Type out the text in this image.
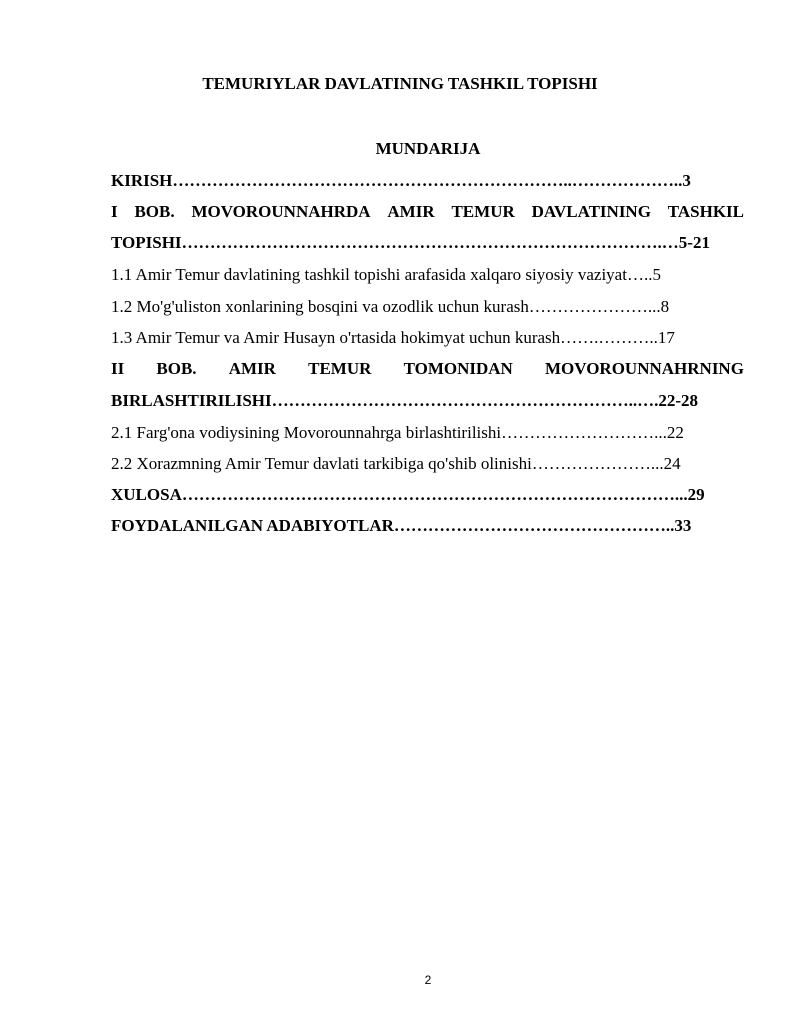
TEMURIYLAR DAVLATINING TASHKIL TOPISHI
MUNDARIJA
KIRISH……………………………………………………………..………………..3
I BOB. MOVOROUNNAHRDA AMIR TEMUR DAVLATINING TASHKIL
TOPISHI………………………………………………………………………….…5-21
1.1 Amir Temur davlatining tashkil topishi arafasida xalqaro siyosiy vaziyat…..5
1.2 Mo'g'uliston xonlarining bosqini va ozodlik uchun kurash…………………...8
1.3 Amir Temur va Amir Husayn o'rtasida hokimyat uchun kurash…….………..17
II BOB. AMIR TEMUR TOMONIDAN MOVOROUNNAHRNING
BIRLASHTIRILISHI………………………………………………………..….22-28
2.1 Farg'ona vodiysining Movorounnahrga birlashtirilishi………………………...22
2.2 Xorazmning Amir Temur davlati tarkibiga qo'shib olinishi…………………...24
XULOSA……………………………………………………………………………...29
FOYDALANILGAN ADABIYOTLAR…………………………………………..33
2
